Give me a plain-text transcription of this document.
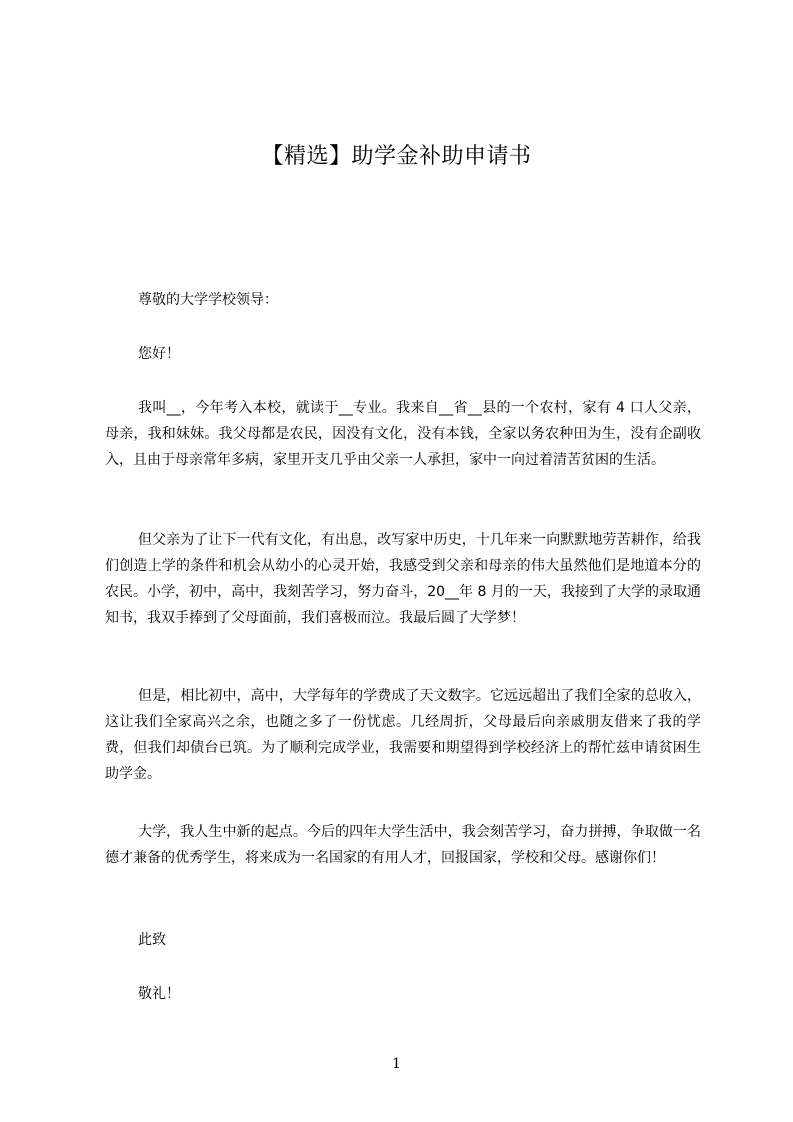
【精选】助学金补助申请书

尊敬的大学学校领导：

您好！

我叫__，今年考入本校，就读于__专业。我来自__省__县的一个农村，家有 4 口人父亲，母亲，我和妹妹。我父母都是农民，因没有文化，没有本钱，全家以务农种田为生，没有企副收入，且由于母亲常年多病，家里开支几乎由父亲一人承担，家中一向过着清苦贫困的生活。

但父亲为了让下一代有文化，有出息，改写家中历史，十几年来一向默默地劳苦耕作，给我们创造上学的条件和机会从幼小的心灵开始，我感受到父亲和母亲的伟大虽然他们是地道本分的农民。小学，初中，高中，我刻苦学习，努力奋斗，20__年 8 月的一天，我接到了大学的录取通知书，我双手捧到了父母面前，我们喜极而泣。我最后圆了大学梦！

但是，相比初中，高中，大学每年的学费成了天文数字。它远远超出了我们全家的总收入，这让我们全家高兴之余，也随之多了一份忧虑。几经周折，父母最后向亲戚朋友借来了我的学费，但我们却债台已筑。为了顺利完成学业，我需要和期望得到学校经济上的帮忙兹申请贫困生助学金。

大学，我人生中新的起点。今后的四年大学生活中，我会刻苦学习，奋力拼搏，争取做一名德才兼备的优秀学生，将来成为一名国家的有用人才，回报国家，学校和父母。感谢你们！

此致

敬礼！

1
